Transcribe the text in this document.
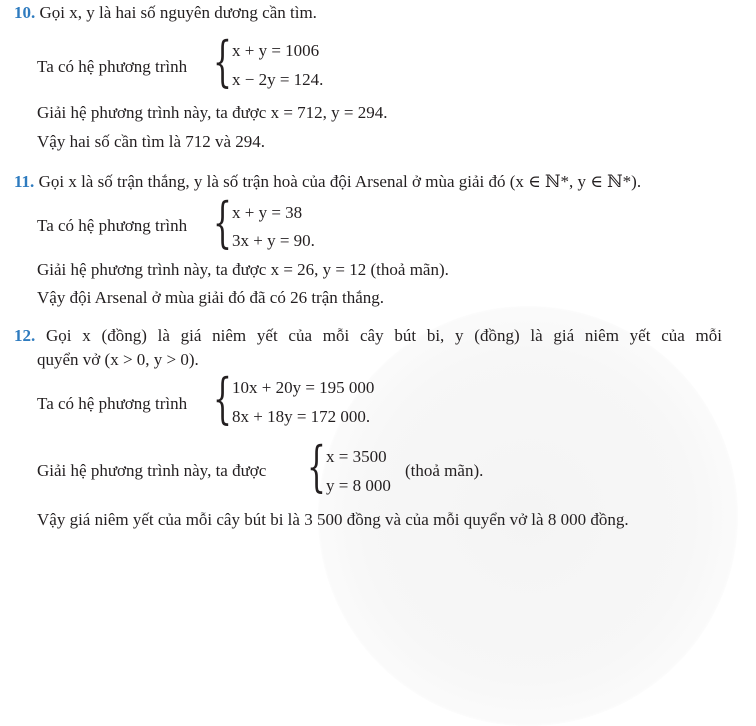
10. Gọi x, y là hai số nguyên dương cần tìm.
Ta có hệ phương trình { x + y = 1006
x − 2y = 124.
Giải hệ phương trình này, ta được x = 712, y = 294.
Vậy hai số cần tìm là 712 và 294.
11. Gọi x là số trận thắng, y là số trận hoà của đội Arsenal ở mùa giải đó (x ∈ ℕ*, y ∈ ℕ*).
Ta có hệ phương trình { x + y = 38
3x + y = 90.
Giải hệ phương trình này, ta được x = 26, y = 12 (thoả mãn).
Vậy đội Arsenal ở mùa giải đó đã có 26 trận thắng.
12. Gọi x (đồng) là giá niêm yết của mỗi cây bút bi, y (đồng) là giá niêm yết của mỗi
quyển vở (x > 0, y > 0).
Ta có hệ phương trình { 10x + 20y = 195 000
8x + 18y = 172 000.
Giải hệ phương trình này, ta được { x = 3500
y = 8 000
(thoả mãn).
Vậy giá niêm yết của mỗi cây bút bi là 3 500 đồng và của mỗi quyển vở là 8 000 đồng.
